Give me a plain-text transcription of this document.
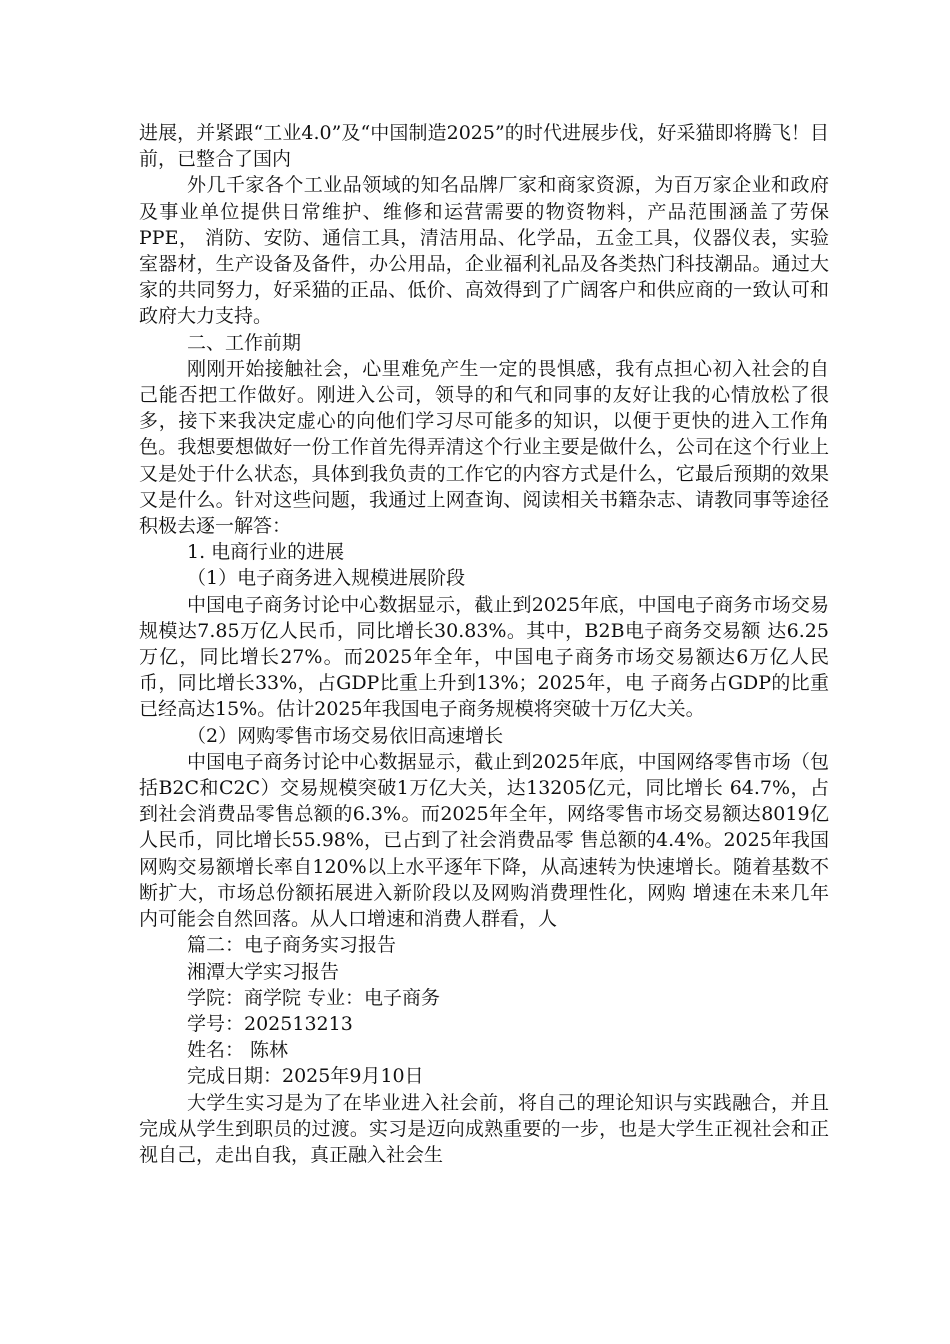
进展，并紧跟“工业4.0”及“中国制造2025”的时代进展步伐，好采猫即将腾飞！目前，已整合了国内

外几千家各个工业品领域的知名品牌厂家和商家资源，为百万家企业和政府及事业单位提供日常维护、维修和运营需要的物资物料，产品范围涵盖了劳保PPE， 消防、安防、通信工具，清洁用品、化学品，五金工具，仪器仪表，实验室器材，生产设备及备件，办公用品，企业福利礼品及各类热门科技潮品。通过大家的共同努力，好采猫的正品、低价、高效得到了广阔客户和供应商的一致认可和政府大力支持。

二、工作前期

刚刚开始接触社会，心里难免产生一定的畏惧感，我有点担心初入社会的自己能否把工作做好。刚进入公司，领导的和气和同事的友好让我的心情放松了很多，接下来我决定虚心的向他们学习尽可能多的知识，以便于更快的进入工作角色。我想要想做好一份工作首先得弄清这个行业主要是做什么，公司在这个行业上又是处于什么状态，具体到我负责的工作它的内容方式是什么，它最后预期的效果又是什么。针对这些问题，我通过上网查询、阅读相关书籍杂志、请教同事等途径积极去逐一解答：

1. 电商行业的进展

（1）电子商务进入规模进展阶段

中国电子商务讨论中心数据显示，截止到2025年底，中国电子商务市场交易规模达7.85万亿人民币，同比增长30.83%。其中，B2B电子商务交易额 达6.25万亿，同比增长27%。而2025年全年，中国电子商务市场交易额达6万亿人民币，同比增长33%，占GDP比重上升到13%；2025年，电 子商务占GDP的比重已经高达15%。估计2025年我国电子商务规模将突破十万亿大关。

（2）网购零售市场交易依旧高速增长

中国电子商务讨论中心数据显示，截止到2025年底，中国网络零售市场（包括B2C和C2C）交易规模突破1万亿大关，达13205亿元，同比增长 64.7%，占到社会消费品零售总额的6.3%。而2025年全年，网络零售市场交易额达8019亿人民币，同比增长55.98%，已占到了社会消费品零 售总额的4.4%。2025年我国网购交易额增长率自120%以上水平逐年下降，从高速转为快速增长。随着基数不断扩大，市场总份额拓展进入新阶段以及网购消费理性化，网购 增速在未来几年内可能会自然回落。从人口增速和消费人群看，人

篇二：电子商务实习报告

湘潭大学实习报告

学院：商学院 专业：电子商务

学号：202513213

姓名： 陈林

完成日期：2025年9月10日

大学生实习是为了在毕业进入社会前，将自己的理论知识与实践融合，并且完成从学生到职员的过渡。实习是迈向成熟重要的一步，也是大学生正视社会和正视自己，走出自我，真正融入社会生
